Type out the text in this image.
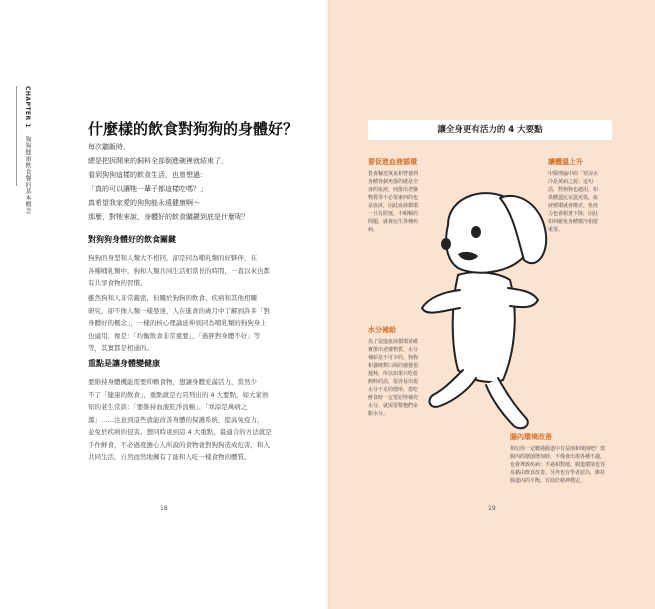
CHAPTER 1 狗狗健康飲食餐的基本概念
什麼樣的飲食對狗狗的身體好？

每次聽飯時，

總是把拆開來的飼料全部倒進碗裡就結束了，

看到狗狗這樣的飲食生活，也曾想過：

「真的可以讓牠一輩子都這樣吃嗎？」

真希望我家愛的狗狗能永遠健康啊～

那麼，對牠來說，身體好的飲食關鍵到底是什麼呢？

對狗狗身體好的飲食關鍵

狗狗的身型和人類大不相同，卻是同為哺乳類的好夥伴，在

各種哺乳類中，狗和人類共同生活相當長的時間，一直以來也都

有共享食物的習慣。

雖然狗和人非常親密，但關於狗狗的飲食、疾病和其他相關

研究，卻不像人類一樣發達，人在進食的歲月中了解到許多「對

身體好的概念」，一樣的核心理論延伸到同為哺乳類的狗狗身上

也適用，像是：「均衡飲食非常重要」、「過胖對身體不好」等

等，其實都是相通的。

重點是讓身體變健康

要維持身體機能需要仰賴食物，想讓身體充滿活力，當然少

不了「健康的飲食」，重點就是右頁列出的 4 大要點，如大家熟

知的老生常談：「要維持血液乾淨流暢」、「寒涼是萬病之

源」……注意到這些就能改善身體的保護系統，提高免疫力，

並免於疾病的侵害。想同時達到這 4 大重點，最適合的方法就是

手作鮮食，不必過度擔心人所說的食物會對狗狗造成危害，和人

共同生活，自然而然地擁有了能和人吃一樣食物的體質。

18
讓全身更有活力的 4 大要點
要促進血液循環

負責輸送氧氣和營養到

身體各個角落的就是全

身的血液，而排出老廢

物質等不必要東西的也

是血液，因此血液循環

一旦有阻塞，不順暢的

問題，就會衍生各種疾

病。

讓體溫上升

中醫理論中的「寒涼水

冷是萬病之源」這句

話，對狗狗也適用，如

果體溫比室溫更低，血

液循環就會變差，免疫

力也會跟著下降，因此

如何避免身體變冷相當

重要。

水分補給

為了促進血液循環並確

實排出老廢物質，水分

補給是不可少的，狗狗

和貓咪對口渴的感覺很

遲鈍，所以如果只吃乾

飼料的話，很容易出現

水分不足的情形，當吃

鮮食時一定要記得補充

水分，就需要幫牠們多

點水分。

腸內環境改善

相信你一定聽過腸道中有益菌和壞菌吧？當

腸內的壞菌增加時，不僅會出現各種不適，

也會導致疾病；不過相對地，腸道環境也容

易藉由飲食改善，另外也有學者認為，維持

腸道內的平衡，有助於精神穩定。

19
